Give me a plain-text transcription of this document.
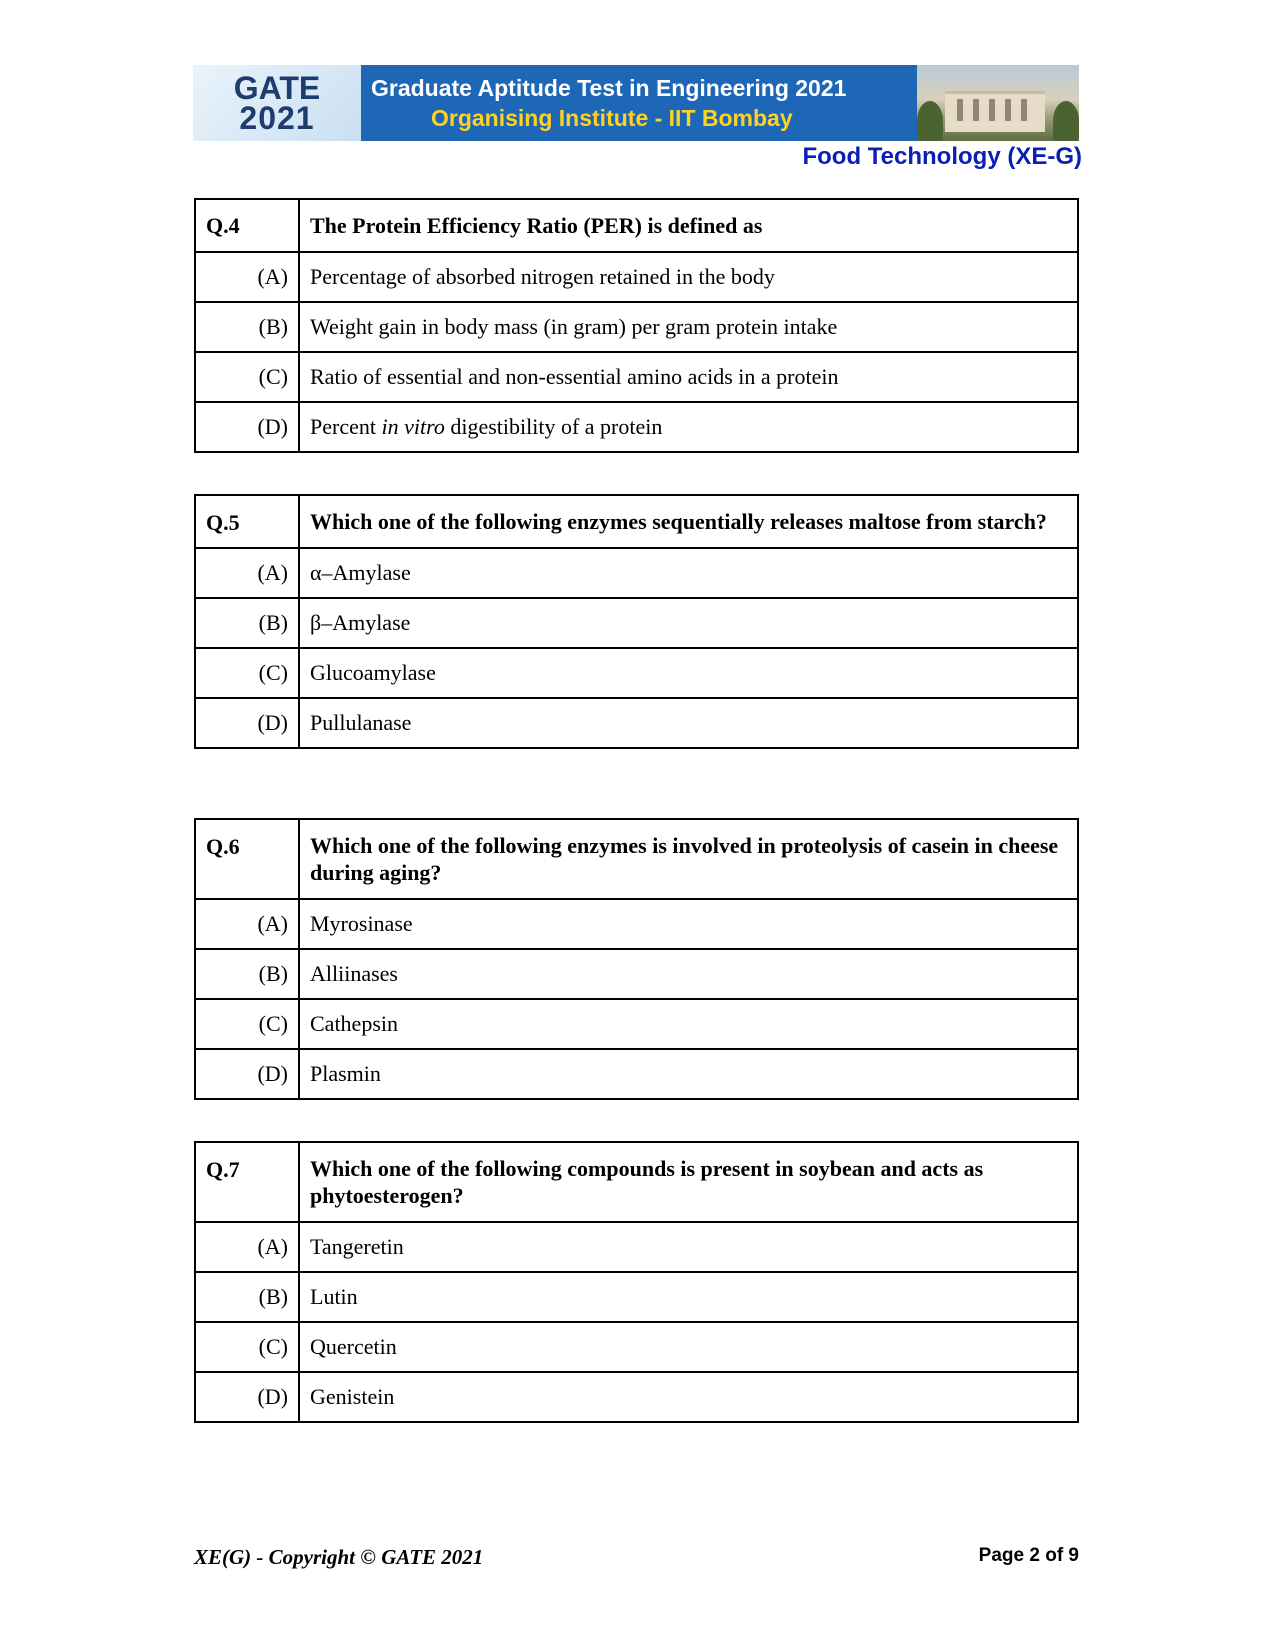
GATE
2021
Graduate Aptitude Test in Engineering 2021
Organising Institute - IIT Bombay
Food Technology (XE-G)
Q.4	The Protein Efficiency Ratio (PER) is defined as
(A)	Percentage of absorbed nitrogen retained in the body
(B)	Weight gain in body mass (in gram) per gram protein intake
(C)	Ratio of essential and non-essential amino acids in a protein
(D)	Percent in vitro digestibility of a protein
Q.5	Which one of the following enzymes sequentially releases maltose from starch?
(A)	α–Amylase
(B)	β–Amylase
(C)	Glucoamylase
(D)	Pullulanase
Q.6	Which one of the following enzymes is involved in proteolysis of casein in cheese during aging?
(A)	Myrosinase
(B)	Alliinases
(C)	Cathepsin
(D)	Plasmin
Q.7	Which one of the following compounds is present in soybean and acts as phytoesterogen?
(A)	Tangeretin
(B)	Lutin
(C)	Quercetin
(D)	Genistein
XE(G) - Copyright © GATE 2021	Page 2 of 9
